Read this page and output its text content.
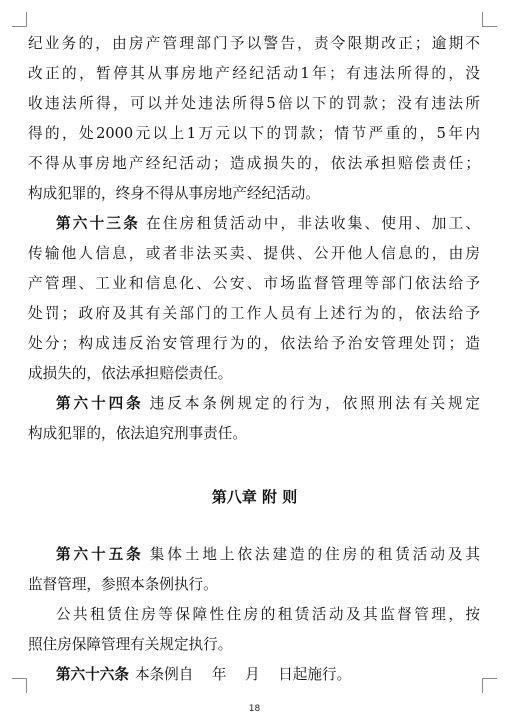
纪业务的，由房产管理部门予以警告，责令限期改正；逾期不
改正的，暂停其从事房地产经纪活动1年；有违法所得的，没
收违法所得，可以并处违法所得5倍以下的罚款；没有违法所
得的，处2000元以上1万元以下的罚款；情节严重的，5年内
不得从事房地产经纪活动；造成损失的，依法承担赔偿责任；
构成犯罪的，终身不得从事房地产经纪活动。
第六十三条 在住房租赁活动中，非法收集、使用、加工、
传输他人信息，或者非法买卖、提供、公开他人信息的，由房
产管理、工业和信息化、公安、市场监督管理等部门依法给予
处罚；政府及其有关部门的工作人员有上述行为的，依法给予
处分；构成违反治安管理行为的，依法给予治安管理处罚；造
成损失的，依法承担赔偿责任。
第六十四条 违反本条例规定的行为，依照刑法有关规定
构成犯罪的，依法追究刑事责任。
第八章 附 则
第六十五条 集体土地上依法建造的住房的租赁活动及其
监督管理，参照本条例执行。
公共租赁住房等保障性住房的租赁活动及其监督管理，按
照住房保障管理有关规定执行。
第六十六条 本条例自    年    月    日起施行。
18
